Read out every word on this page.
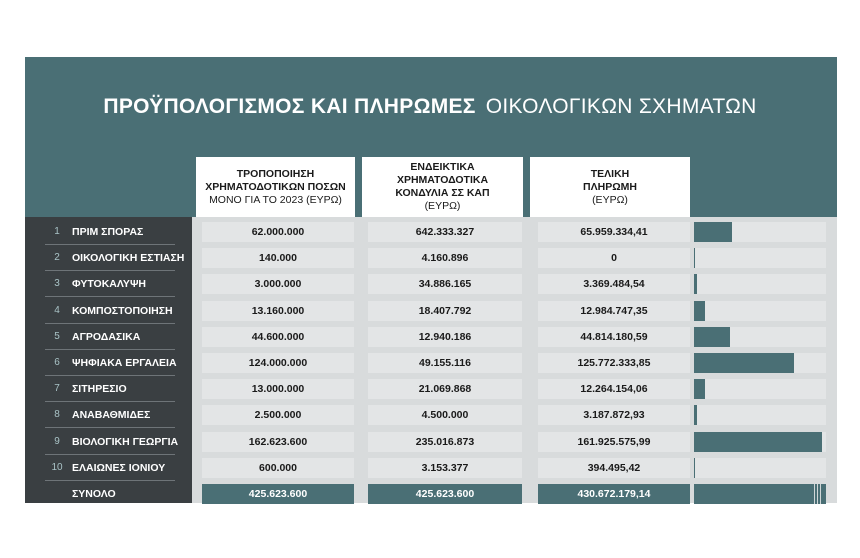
ΠΡΟΫΠΟΛΟΓΙΣΜΟΣ ΚΑΙ ΠΛΗΡΩΜΕΣ ΟΙΚΟΛΟΓΙΚΩΝ ΣΧΗΜΑΤΩΝ
ΤΡΟΠΟΠΟΙΗΣΗ
ΧΡΗΜΑΤΟΔΟΤΙΚΩΝ ΠΟΣΩΝ
ΜΟΝΟ ΓΙΑ ΤΟ 2023 (ΕΥΡΩ)
ΕΝΔΕΙΚΤΙΚΑ
ΧΡΗΜΑΤΟΔΟΤΙΚΑ
ΚΟΝΔΥΛΙΑ ΣΣ ΚΑΠ
(ΕΥΡΩ)
ΤΕΛΙΚΗ
ΠΛΗΡΩΜΗ
(ΕΥΡΩ)
1	ΠΡΙΜ ΣΠΟΡΑΣ	62.000.000	642.333.327	65.959.334,41
2	ΟΙΚΟΛΟΓΙΚΗ ΕΣΤΙΑΣΗ	140.000	4.160.896	0
3	ΦΥΤΟΚΑΛΥΨΗ	3.000.000	34.886.165	3.369.484,54
4	ΚΟΜΠΟΣΤΟΠΟΙΗΣΗ	13.160.000	18.407.792	12.984.747,35
5	ΑΓΡΟΔΑΣΙΚΑ	44.600.000	12.940.186	44.814.180,59
6	ΨΗΦΙΑΚΑ ΕΡΓΑΛΕΙΑ	124.000.000	49.155.116	125.772.333,85
7	ΣΙΤΗΡΕΣΙΟ	13.000.000	21.069.868	12.264.154,06
8	ΑΝΑΒΑΘΜΙΔΕΣ	2.500.000	4.500.000	3.187.872,93
9	ΒΙΟΛΟΓΙΚΗ ΓΕΩΡΓΙΑ	162.623.600	235.016.873	161.925.575,99
10 ΕΛΑΙΩΝΕΣ ΙΟΝΙΟΥ	600.000	3.153.377	394.495,42
ΣΥΝΟΛΟ	425.623.600	425.623.600	430.672.179,14
